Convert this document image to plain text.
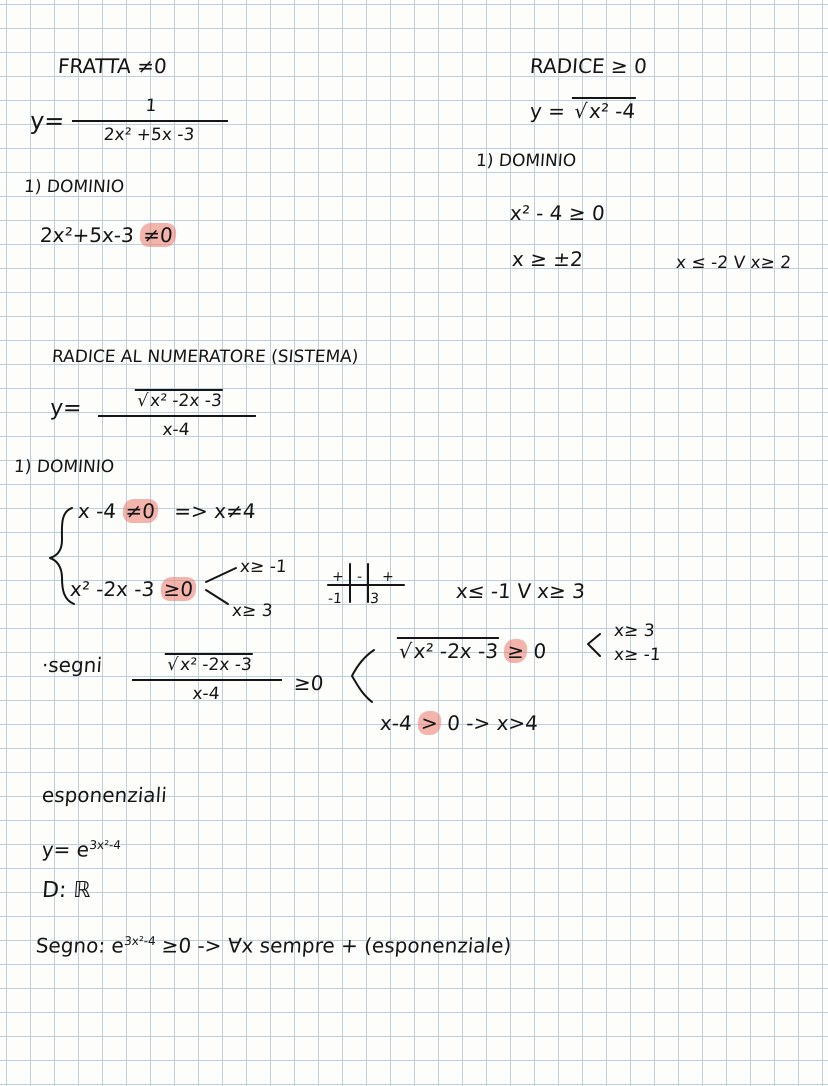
FRATTA ≠0
$y= \frac{1}{\text{2x² +5x -3}}$
1) DOMINIO
2x²+5x-3 ≠0
RADICE ≥ 0
y = √ x² -4
1) DOMINIO
x² - 4 ≥ 0
x ≥ ±2	x ≤ -2 V x≥ 2
RADICE AL NUMERATORE (SISTEMA)
y= √ $\frac{\text{x² -2x -3}}{x-4}$
1) DOMINIO
x -4 ≠0 => x≠4
x² -2x -3 ≥0
x≥ -1
x≥ 3
+ - +
-1 3	x≤ -1 V x≥ 3
·segni √ $\frac{\text{x² -2x -3}}{x-4} \ge 0$
√ x² -2x -3 ≥ 0
x≥ 3
x≥ -1
x-4 > 0 -> x>4
esponenziali
$y= e^{3x^2-4}$
D: ℝ
Segno: $e^{3x^2-4} \ge 0$ -> ∀x sempre + (esponenziale)
